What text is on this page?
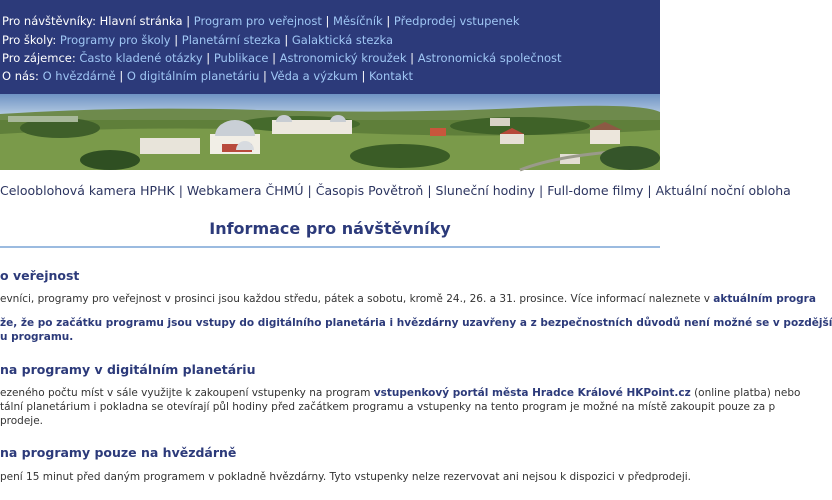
Pro návštěvníky: Hlavní stránka | Program pro veřejnost | Měsíčník | Předprodej vstupenek
Pro školy: Programy pro školy | Planetární stezka | Galaktická stezka
Pro zájemce: Často kladené otázky | Publikace | Astronomický kroužek | Astronomická společnost
O nás: O hvězdárně | O digitálním planetáriu | Věda a výzkum | Kontakt
Celooblohová kamera HPHK | Webkamera ČHMÚ | Časopis Povětroň | Sluneční hodiny | Full-dome filmy | Aktuální noční obloha
Informace pro návštěvníky
o veřejnost

evníci, programy pro veřejnost v prosinci jsou každou středu, pátek a sobotu, kromě 24., 26. a 31. prosince. Více informací naleznete v aktuálním progra

že, že po začátku programu jsou vstupy do digitálního planetária i hvězdárny uzavřeny a z bezpečnostních důvodů není možné se v pozdější

u programu.

na programy v digitálním planetáriu

ezeného počtu míst v sále využijte k zakoupení vstupenky na program vstupenkový portál města Hradce Králové HKPoint.cz (online platba) nebo

tální planetárium i pokladna se otevírají půl hodiny před začátkem programu a vstupenky na tento program je možné na místě zakoupit pouze za p

prodeje.

na programy pouze na hvězdárně

pení 15 minut před daným programem v pokladně hvězdárny. Tyto vstupenky nelze rezervovat ani nejsou k dispozici v předprodeji.
